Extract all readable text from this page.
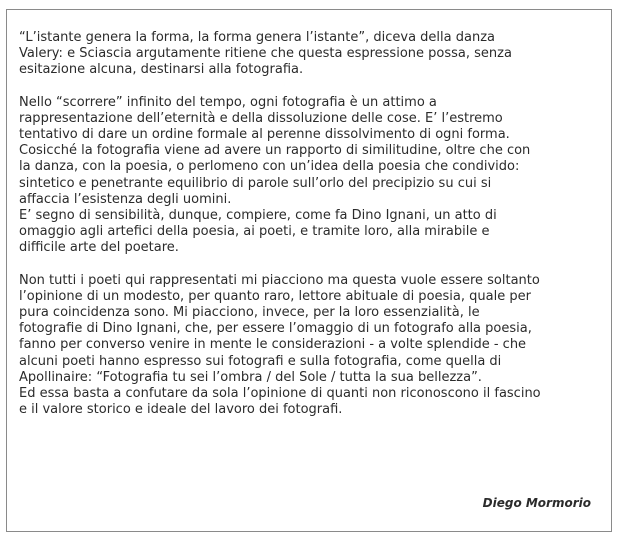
“L’istante genera la forma, la forma genera l’istante”, diceva della danza
Valery: e Sciascia argutamente ritiene che questa espressione possa, senza
esitazione alcuna, destinarsi alla fotografia.
Nello “scorrere” infinito del tempo, ogni fotografia è un attimo a
rappresentazione dell’eternità e della dissoluzione delle cose. E’ l’estremo
tentativo di dare un ordine formale al perenne dissolvimento di ogni forma.
Cosicché la fotografia viene ad avere un rapporto di similitudine, oltre che con
la danza, con la poesia, o perlomeno con un’idea della poesia che condivido:
sintetico e penetrante equilibrio di parole sull’orlo del precipizio su cui si
affaccia l’esistenza degli uomini.
E’ segno di sensibilità, dunque, compiere, come fa Dino Ignani, un atto di
omaggio agli artefici della poesia, ai poeti, e tramite loro, alla mirabile e
difficile arte del poetare.
Non tutti i poeti qui rappresentati mi piacciono ma questa vuole essere soltanto
l’opinione di un modesto, per quanto raro, lettore abituale di poesia, quale per
pura coincidenza sono. Mi piacciono, invece, per la loro essenzialità, le
fotografie di Dino Ignani, che, per essere l’omaggio di un fotografo alla poesia,
fanno per converso venire in mente le considerazioni - a volte splendide - che
alcuni poeti hanno espresso sui fotografi e sulla fotografia, come quella di
Apollinaire: “Fotografia tu sei l’ombra / del Sole / tutta la sua bellezza”.
Ed essa basta a confutare da sola l’opinione di quanti non riconoscono il fascino
e il valore storico e ideale del lavoro dei fotografi.
Diego Mormorio
